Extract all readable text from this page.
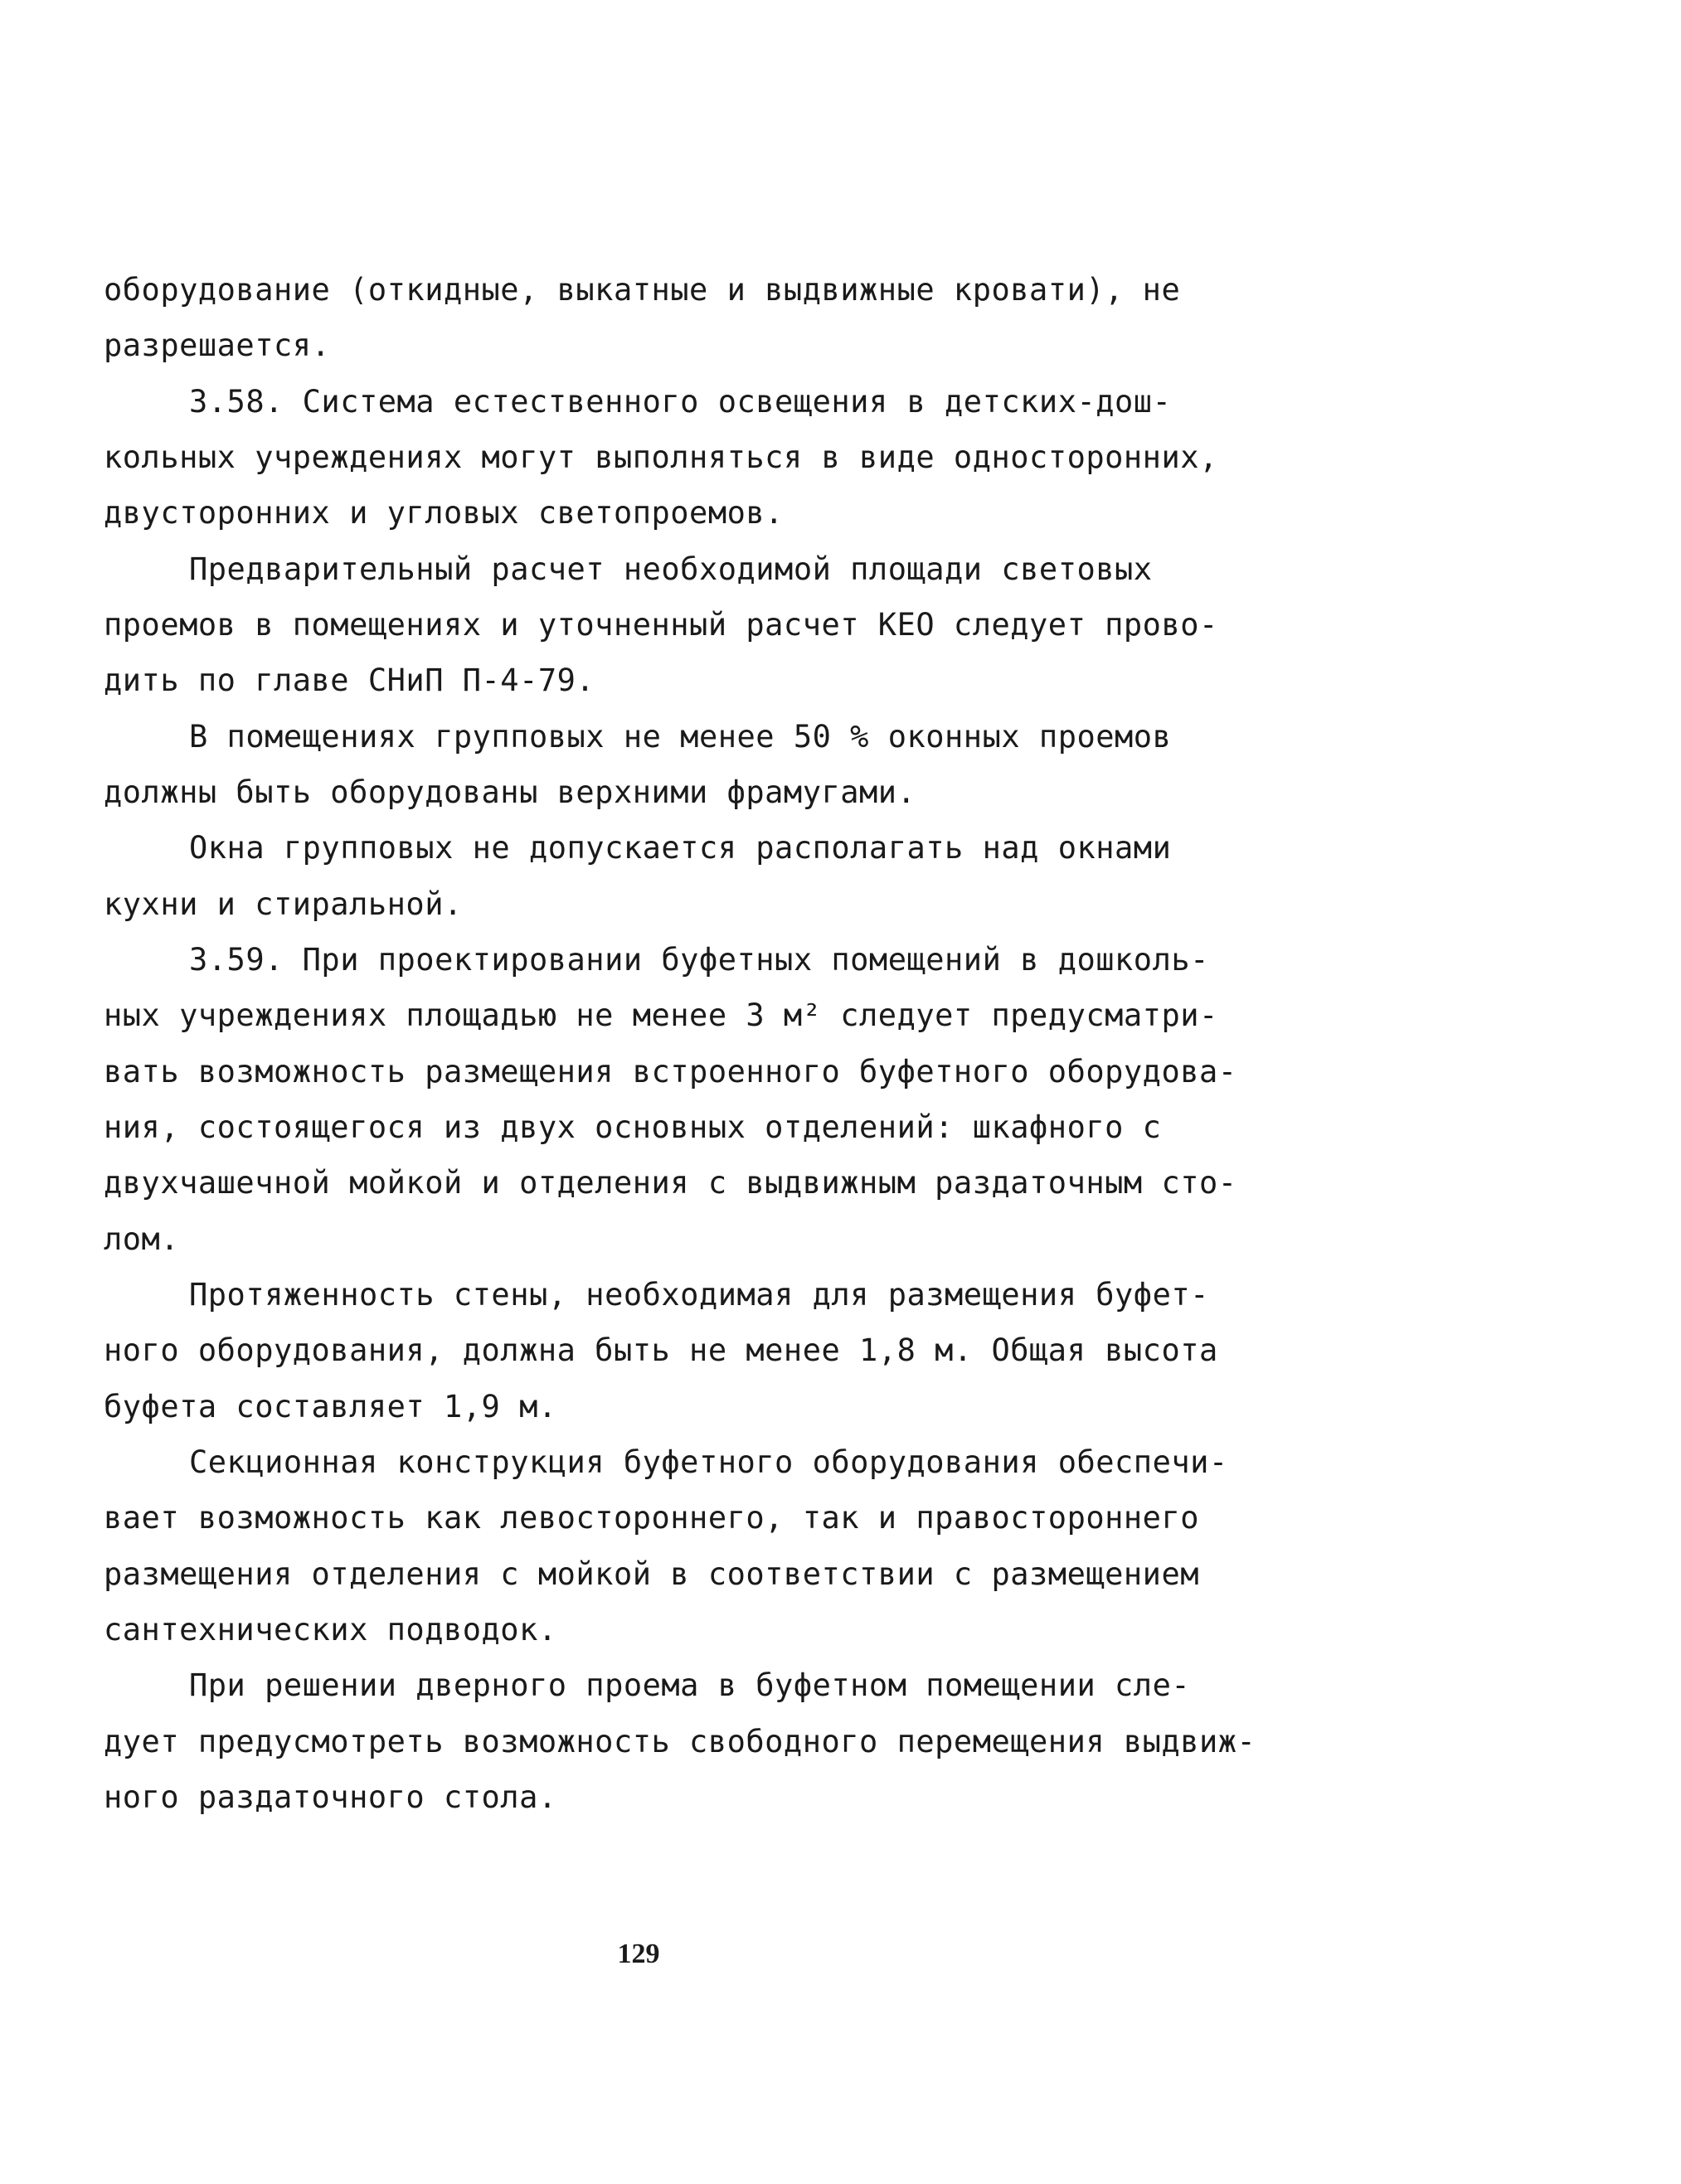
оборудование (откидные, выкатные и выдвижные кровати), не
разрешается.
3.58. Система естественного освещения в детских-дош-
кольных учреждениях могут выполняться в виде односторонних,
двусторонних и угловых светопроемов.
Предварительный расчет необходимой площади световых
проемов в помещениях и уточненный расчет КЕО следует прово-
дить по главе СНиП П-4-79.
В помещениях групповых не менее 50 % оконных проемов
должны быть оборудованы верхними фрамугами.
Окна групповых не допускается располагать над окнами
кухни и стиральной.
3.59. При проектировании буфетных помещений в дошколь-
ных учреждениях площадью не менее 3 м² следует предусматри-
вать возможность размещения встроенного буфетного оборудова-
ния, состоящегося из двух основных отделений: шкафного с
двухчашечной мойкой и отделения с выдвижным раздаточным сто-
лом.
Протяженность стены, необходимая для размещения буфет-
ного оборудования, должна быть не менее 1,8 м. Общая высота
буфета составляет 1,9 м.
Секционная конструкция буфетного оборудования обеспечи-
вает возможность как левостороннего, так и правостороннего
размещения отделения с мойкой в соответствии с размещением
сантехнических подводок.
При решении дверного проема в буфетном помещении сле-
дует предусмотреть возможность свободного перемещения выдвиж-
ного раздаточного стола.
129
